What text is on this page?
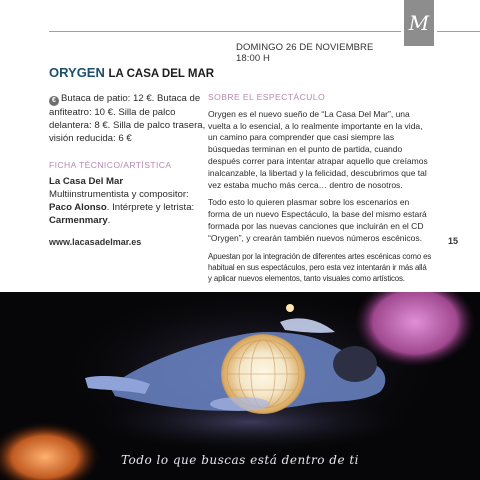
M
DOMINGO 26 DE NOVIEMBRE 18:00 H
ORYGEN LA CASA DEL MAR
€ Butaca de patio: 12 €. Butaca de anfiteatro: 10 €. Silla de palco delantera: 8 €. Silla de palco trasera, visión reducida: 6 €
FICHA TÉCNICO/ARTÍSTICA
La Casa Del Mar
Multiinstrumentista y compositor:
Paco Alonso. Intérprete y letrista:
Carmenmary.
www.lacasadelmar.es
SOBRE EL ESPECTÁCULO

Orygen es el nuevo sueño de “La Casa Del Mar”, una vuelta a lo esencial, a lo realmente importante en la vida, un camino para comprender que casi siempre las búsquedas terminan en el punto de partida, cuando después correr para intentar atrapar aquello que creíamos inalcanzable, la libertad y la felicidad, descubrimos que tal vez estaba mucho más cerca… dentro de nosotros.

Todo esto lo quieren plasmar sobre los escenarios en forma de un nuevo Espectáculo, la base del mismo estará formada por las nuevas canciones que incluirán en el CD “Orygen”, y crearán también nuevos números escénicos.

Apuestan por la integración de diferentes artes escénicas como es habitual en sus espectáculos, pero esta vez intentarán ir más allá y aplicar nuevos elementos, tanto visuales como artísticos.

15
Todo lo que buscas está dentro de ti
